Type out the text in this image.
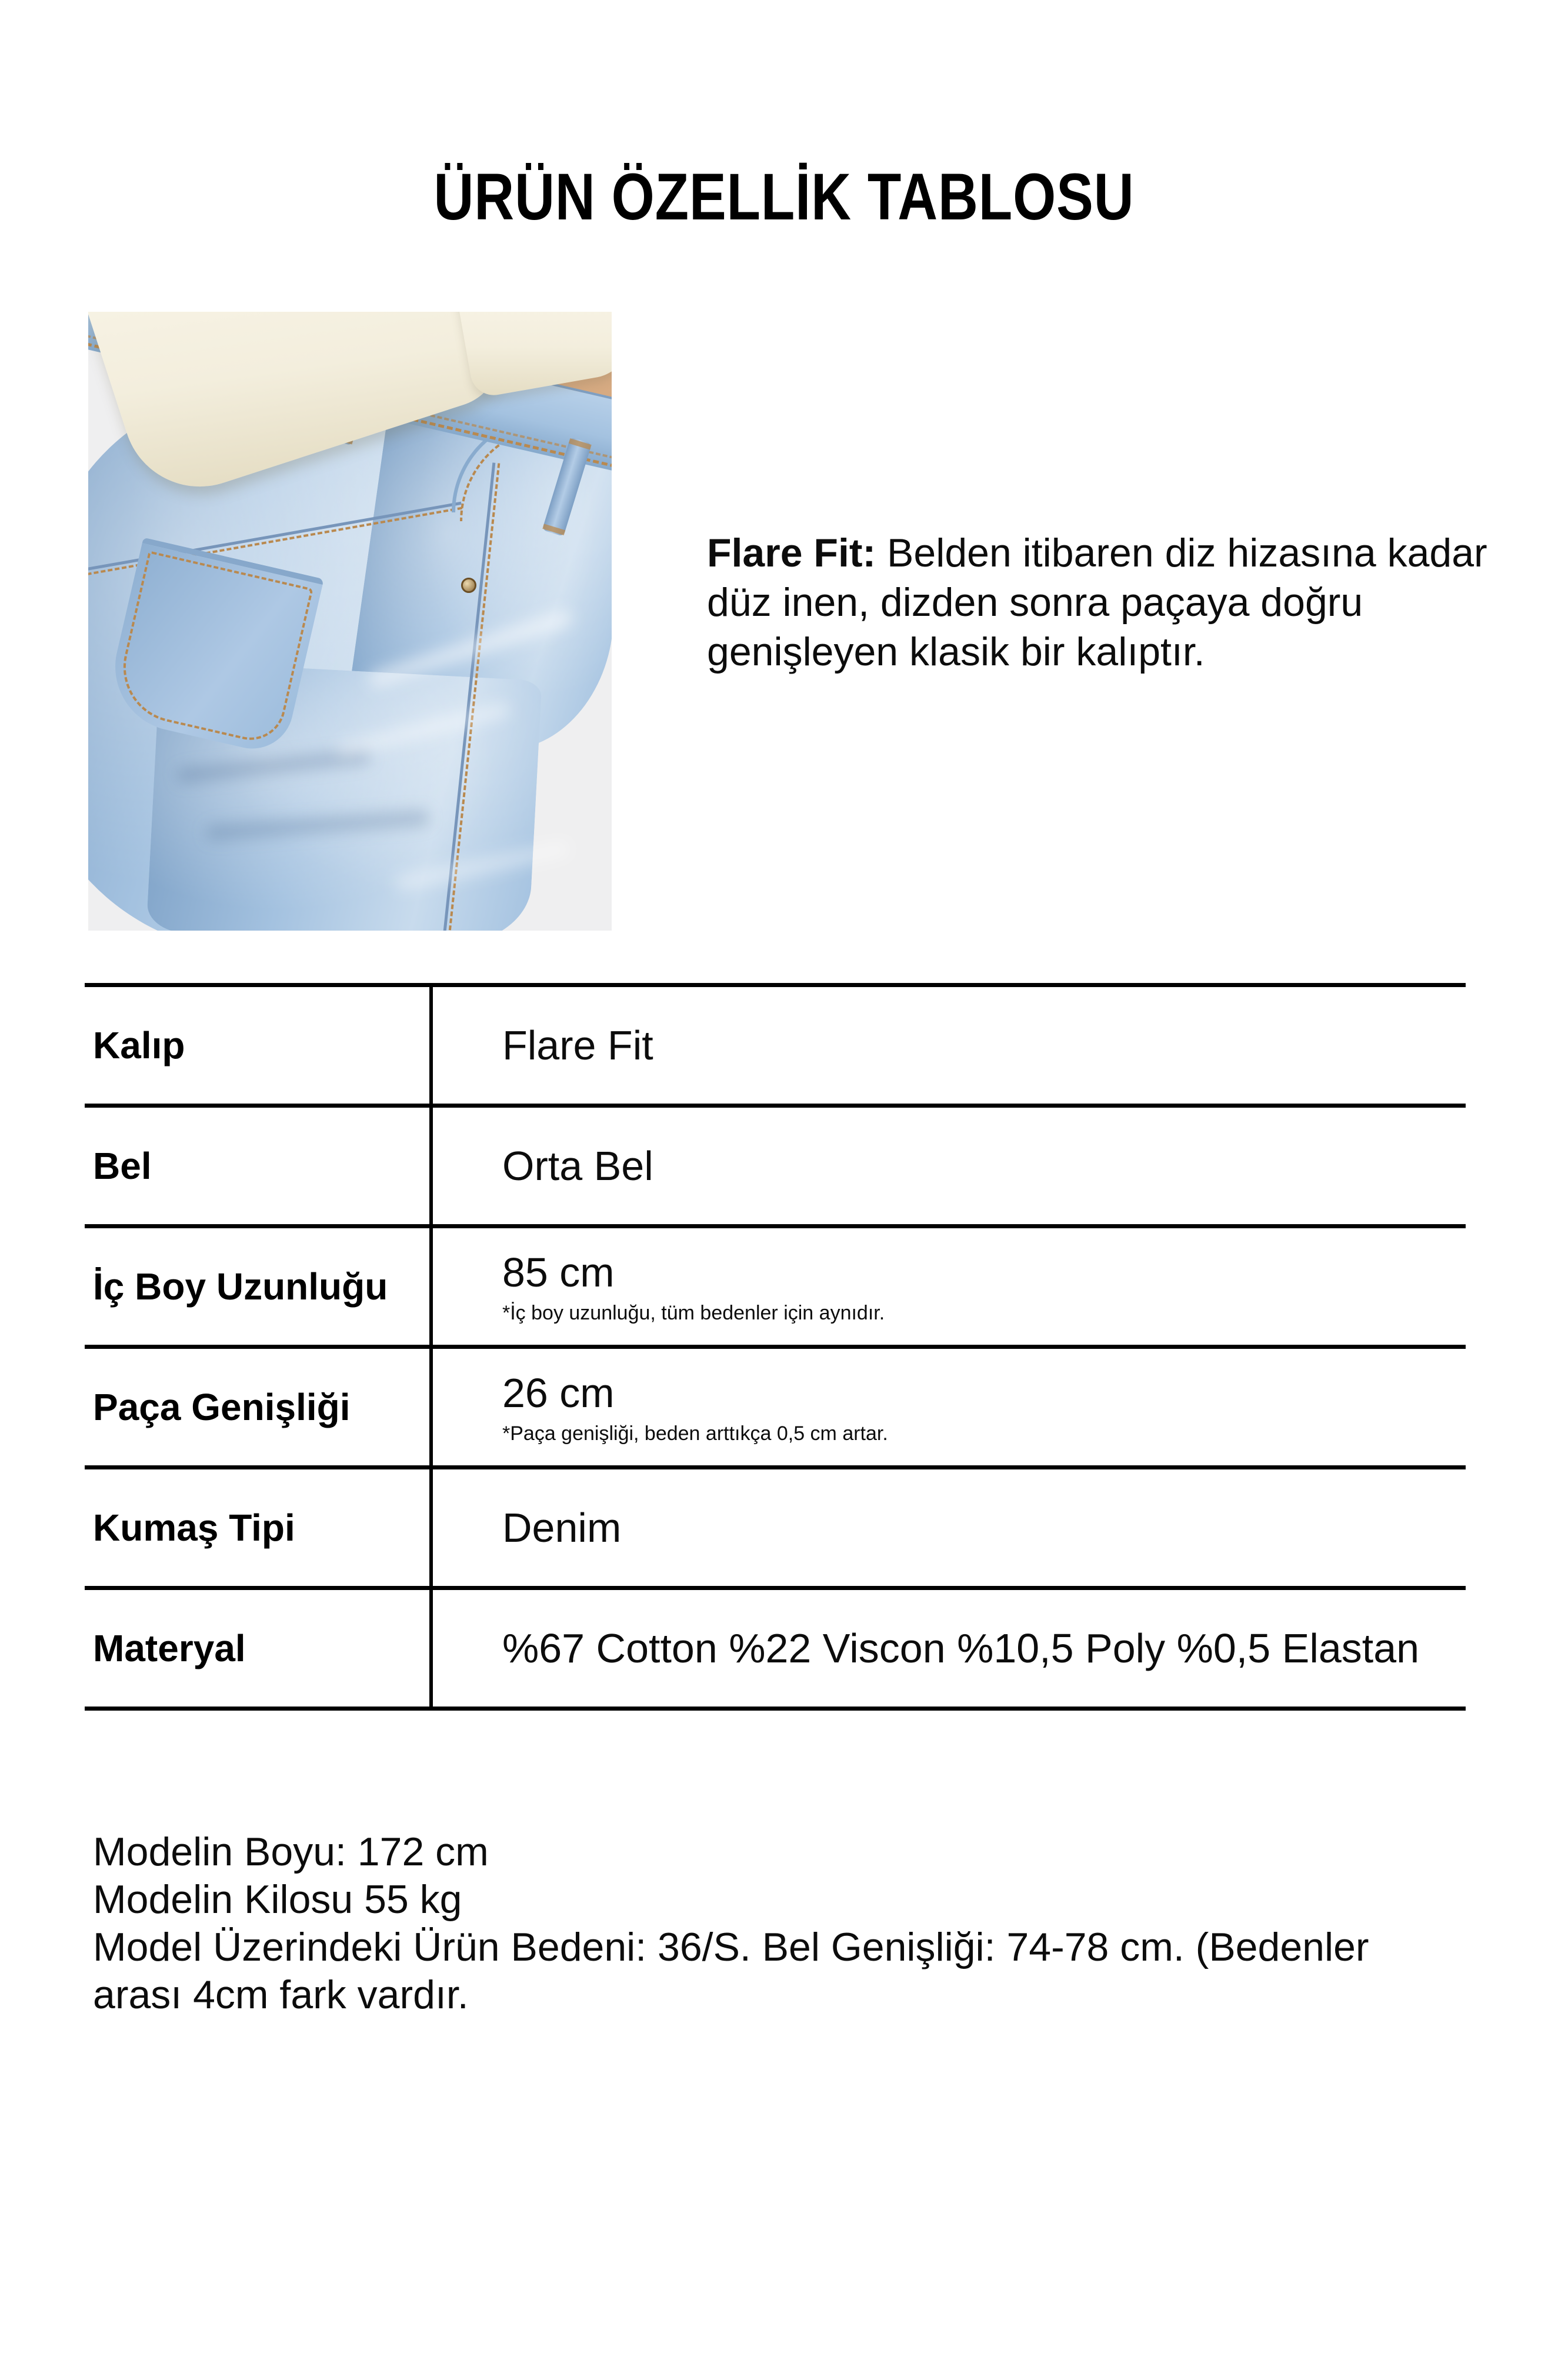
ÜRÜN ÖZELLİK TABLOSU
Flare Fit: Belden itibaren diz hizasına kadar düz inen, dizden sonra paçaya doğru genişleyen klasik bir kalıptır.
Kalıp	Flare Fit
Bel	Orta Bel
İç Boy Uzunluğu	85 cm
*İç boy uzunluğu, tüm bedenler için aynıdır.
Paça Genişliği	26 cm
*Paça genişliği, beden arttıkça 0,5 cm artar.
Kumaş Tipi	Denim
Materyal	%67 Cotton %22 Viscon %10,5 Poly %0,5 Elastan
Modelin Boyu: 172 cm
Modelin Kilosu 55 kg
Model Üzerindeki Ürün Bedeni: 36/S. Bel Genişliği: 74-78 cm. (Bedenler
arası 4cm fark vardır.
